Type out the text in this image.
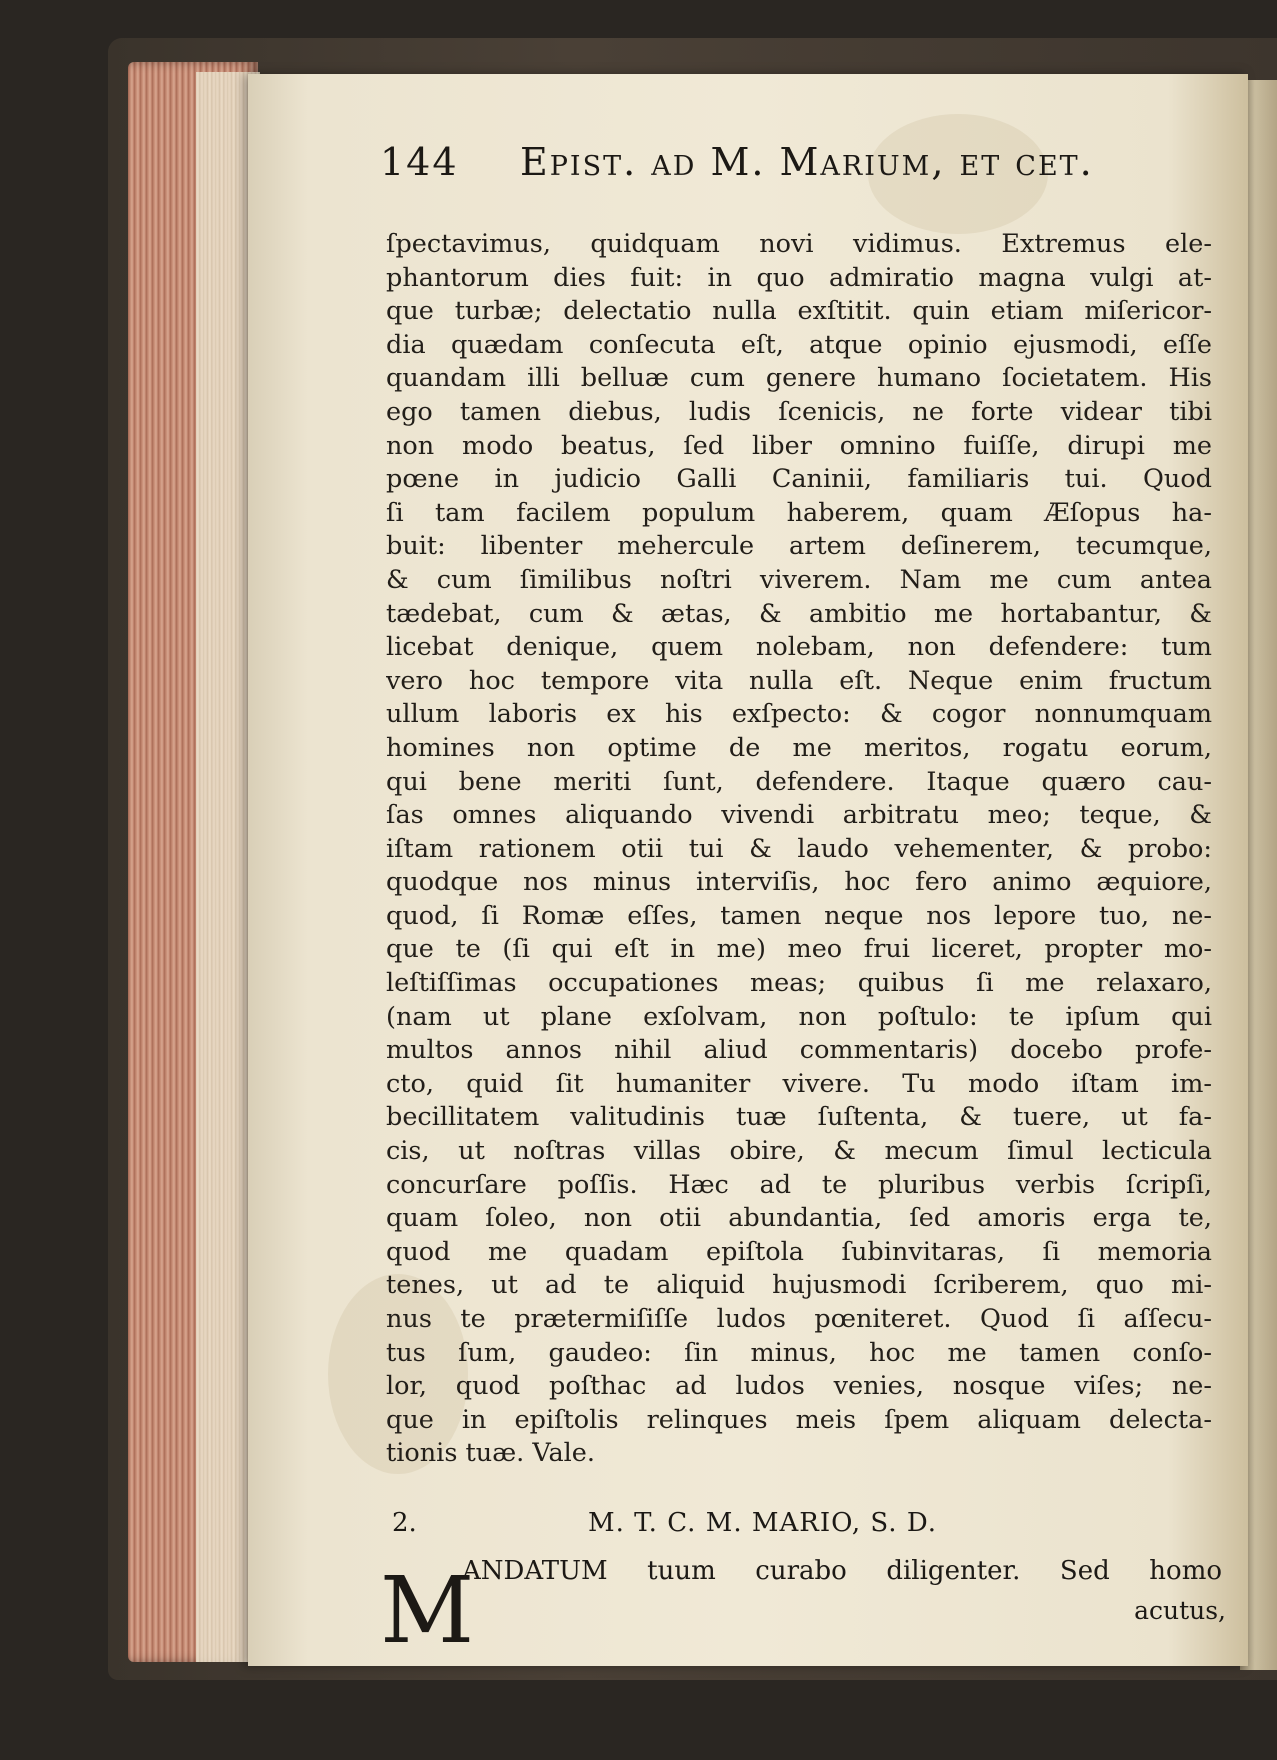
144 Epist. ad M. Marium, et cet.
ſpectavimus, quidquam novi vidimus. Extremus ele-
phantorum dies fuit: in quo admiratio magna vulgi at-
que turbæ; delectatio nulla exſtitit. quin etiam miſericor-
dia quædam conſecuta eſt, atque opinio ejusmodi, eſſe
quandam illi belluæ cum genere humano ſocietatem. His
ego tamen diebus, ludis ſcenicis, ne forte videar tibi
non modo beatus, ſed liber omnino fuiſſe, dirupi me
pœne in judicio Galli Caninii, familiaris tui. Quod
ſi tam facilem populum haberem, quam Æſopus ha-
buit: libenter mehercule artem deſinerem, tecumque,
& cum ſimilibus noſtri viverem. Nam me cum antea
tædebat, cum & ætas, & ambitio me hortabantur, &
licebat denique, quem nolebam, non defendere: tum
vero hoc tempore vita nulla eſt. Neque enim fructum
ullum laboris ex his exſpecto: & cogor nonnumquam
homines non optime de me meritos, rogatu eorum,
qui bene meriti ſunt, defendere. Itaque quæro cau-
ſas omnes aliquando vivendi arbitratu meo; teque, &
iſtam rationem otii tui & laudo vehementer, & probo:
quodque nos minus interviſis, hoc fero animo æquiore,
quod, ſi Romæ eſſes, tamen neque nos lepore tuo, ne-
que te (ſi qui eſt in me) meo frui liceret, propter mo-
leſtiſſimas occupationes meas; quibus ſi me relaxaro,
(nam ut plane exſolvam, non poſtulo: te ipſum qui
multos annos nihil aliud commentaris) docebo profe-
cto, quid ſit humaniter vivere. Tu modo iſtam im-
becillitatem valitudinis tuæ ſuſtenta, & tuere, ut fa-
cis, ut noſtras villas obire, & mecum ſimul lecticula
concurſare poſſis. Hæc ad te pluribus verbis ſcripſi,
quam ſoleo, non otii abundantia, ſed amoris erga te,
quod me quadam epiſtola ſubinvitaras, ſi memoria
tenes, ut ad te aliquid hujusmodi ſcriberem, quo mi-
nus te prætermiſiſſe ludos pœniteret. Quod ſi aſſecu-
tus ſum, gaudeo: ſin minus, hoc me tamen conſo-
lor, quod poſthac ad ludos venies, nosque viſes; ne-
que in epiſtolis relinques meis ſpem aliquam delecta-
tionis tuæ. Vale.
2.	M. T. C. M. MARIO, S. D.
M
ANDATUM tuum curabo diligenter. Sed homo
acutus,
